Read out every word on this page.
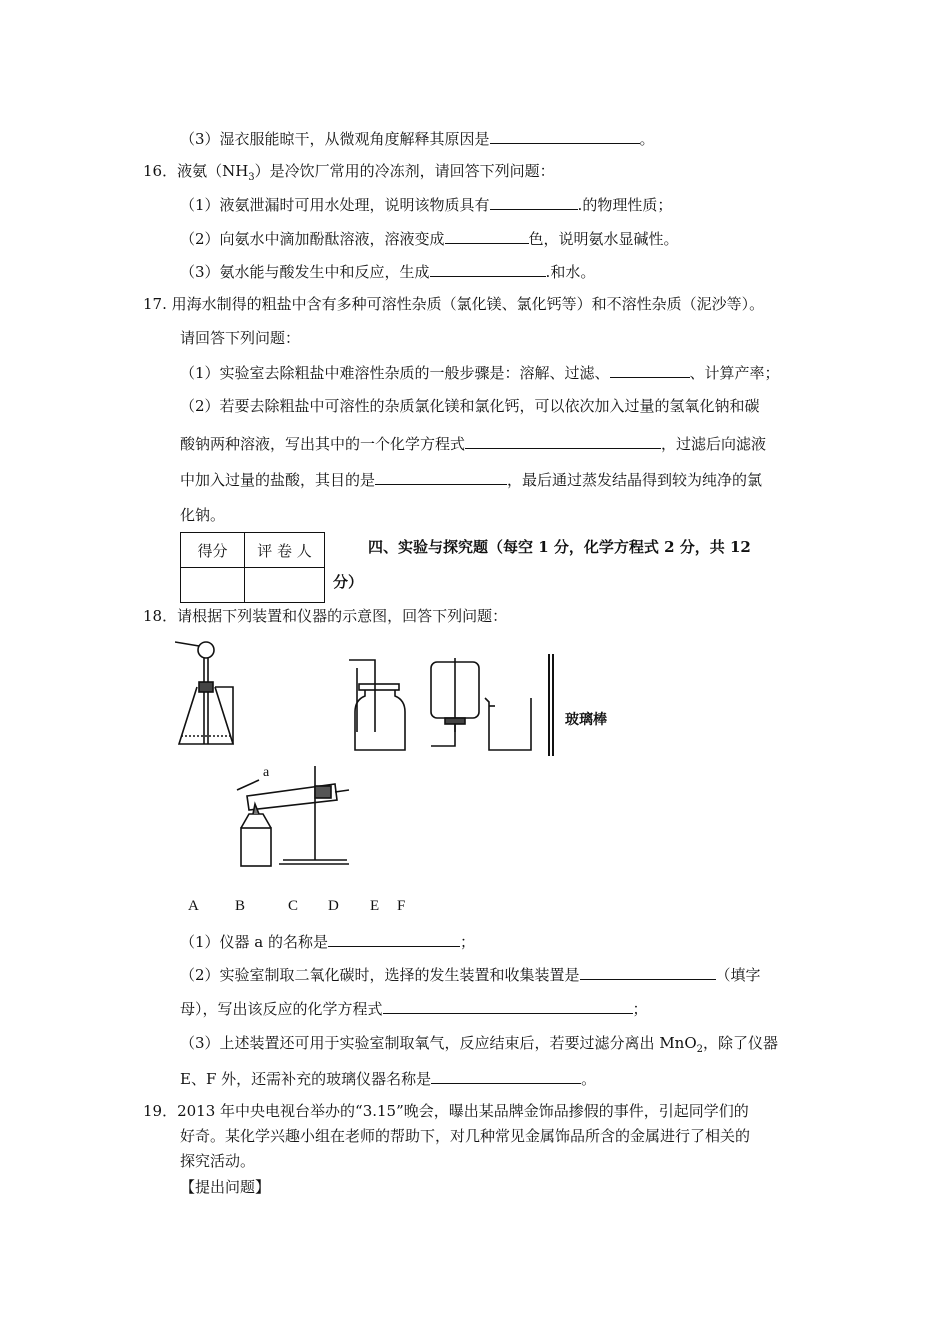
（3）湿衣服能晾干，从微观角度解释其原因是	。
16．液氨$(NH_3)$是冷饮厂常用的冷冻剂，请回答下列问题：
（1）液氨泄漏时可用水处理，说明该物质具有	.的物理性质；
（2）向氨水中滴加酚酞溶液，溶液变成	色，说明氨水显碱性。
（3）氨水能与酸发生中和反应，生成	.和水。
17. 用海水制得的粗盐中含有多种可溶性杂质（氯化镁、氯化钙等）和不溶性杂质（泥沙等）。
请回答下列问题：
（1）实验室去除粗盐中难溶性杂质的一般步骤是：溶解、过滤、	、计算产率；
（2）若要去除粗盐中可溶性的杂质氯化镁和氯化钙，可以依次加入过量的氢氧化钠和碳
酸钠两种溶液，写出其中的一个化学方程式	，过滤后向滤液
中加入过量的盐酸，其目的是	，最后通过蒸发结晶得到较为纯净的氯
化钠。
得分	评 卷 人
		四、实验与探究题（每空 1 分，化学方程式 2 分，共 12
分）
18．请根据下列装置和仪器的示意图，回答下列问题：
玻璃棒
a
A B	C D E F
（1）仪器 a 的名称是	；
（2）实验室制取二氧化碳时，选择的发生装置和收集装置是	（填字
母），写出该反应的化学方程式	；
（3）上述装置还可用于实验室制取氧气，反应结束后，若要过滤分离出 MnO$_2$，除了仪器
E、F 外，还需补充的玻璃仪器名称是	。
19．2013 年中央电视台举办的“3.15”晚会，曝出某品牌金饰品掺假的事件，引起同学们的
好奇。某化学兴趣小组在老师的帮助下，对几种常见金属饰品所含的金属进行了相关的
探究活动。
【提出问题】
